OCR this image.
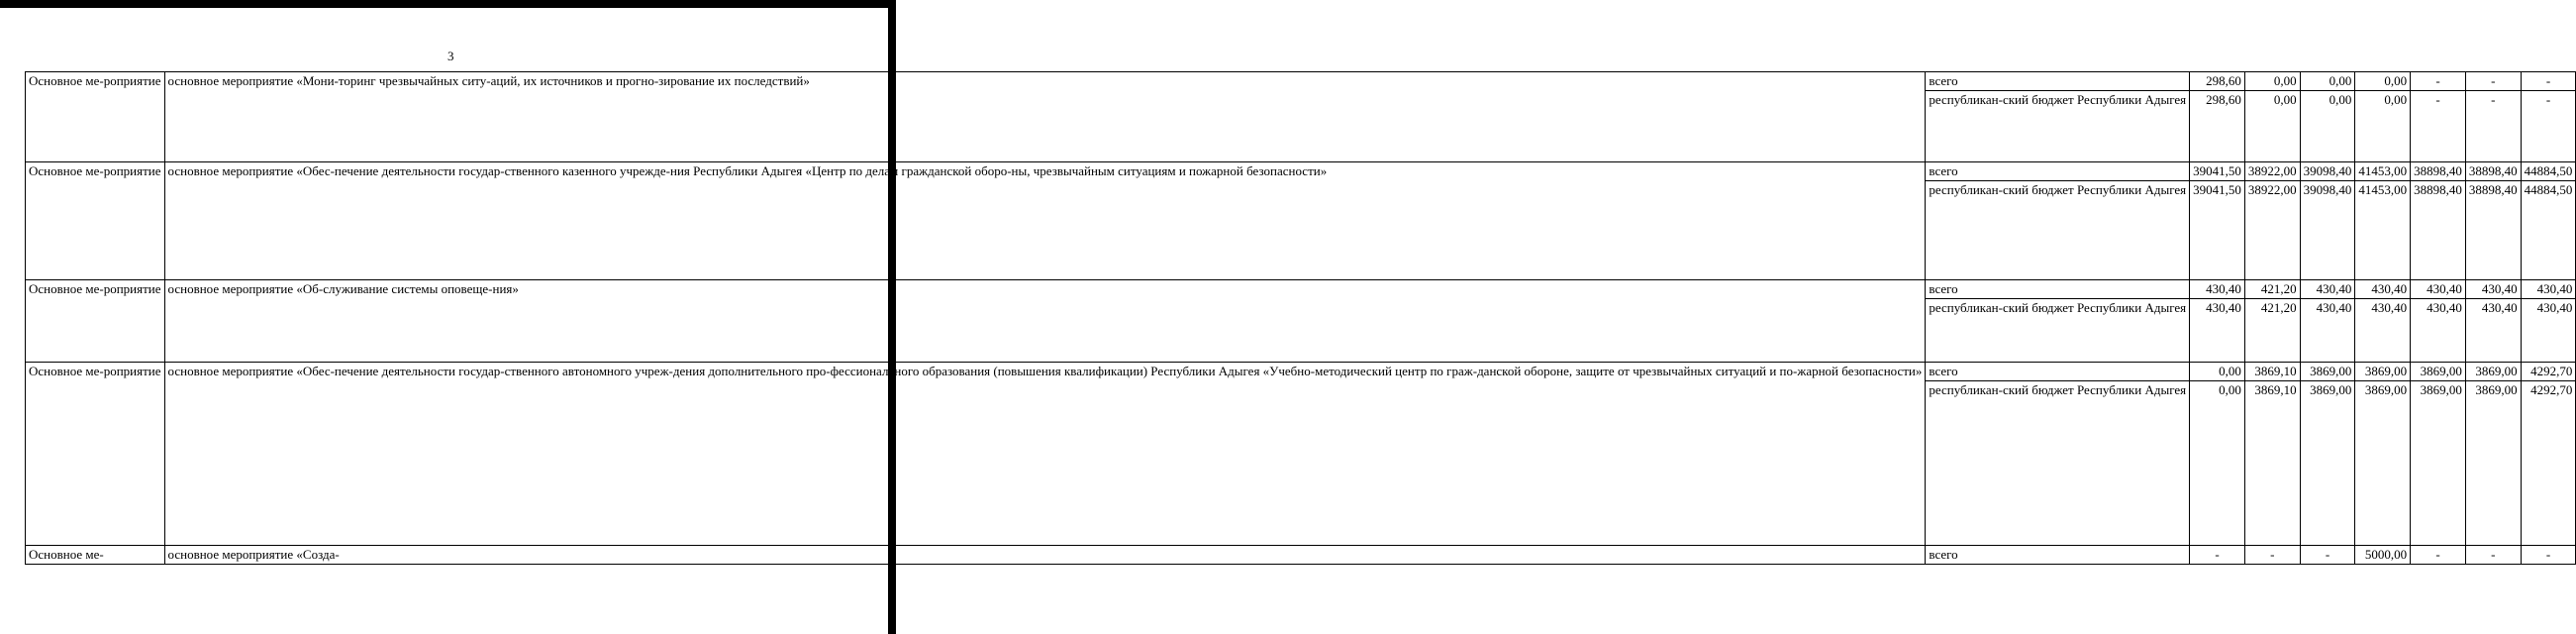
3
Основное ме-роприятие	основное мероприятие «Мони-торинг чрезвычайных ситу-аций, их источников и прогно-зирование их последствий»	всего	298,60	0,00	0,00	0,00	-	-	-
		республикан-ский бюджет Республики Адыгея	298,60	0,00	0,00	0,00	-	-	-
Основное ме-роприятие	основное мероприятие «Обес-печение деятельности государ-ственного казенного учрежде-ния Республики Адыгея «Центр по делам гражданской оборо-ны, чрезвычайным ситуациям и пожарной безопасности»	всего	39041,50	38922,00	39098,40	41453,00	38898,40	38898,40	44884,50
		республикан-ский бюджет Республики Адыгея	39041,50	38922,00	39098,40	41453,00	38898,40	38898,40	44884,50
Основное ме-роприятие	основное мероприятие «Об-служивание системы оповеще-ния»	всего	430,40	421,20	430,40	430,40	430,40	430,40	430,40
		республикан-ский бюджет Республики Адыгея	430,40	421,20	430,40	430,40	430,40	430,40	430,40
Основное ме-роприятие	основное мероприятие «Обес-печение деятельности государ-ственного автономного учреж-дения дополнительного про-фессионального образования (повышения квалификации) Республики Адыгея «Учебно-методический центр по граж-данской обороне, защите от чрезвычайных ситуаций и по-жарной безопасности»	всего	0,00	3869,10	3869,00	3869,00	3869,00	3869,00	4292,70
		республикан-ский бюджет Республики Адыгея	0,00	3869,10	3869,00	3869,00	3869,00	3869,00	4292,70
Основное ме-	основное мероприятие «Созда-	всего	-	-	-	5000,00	-	-	-
